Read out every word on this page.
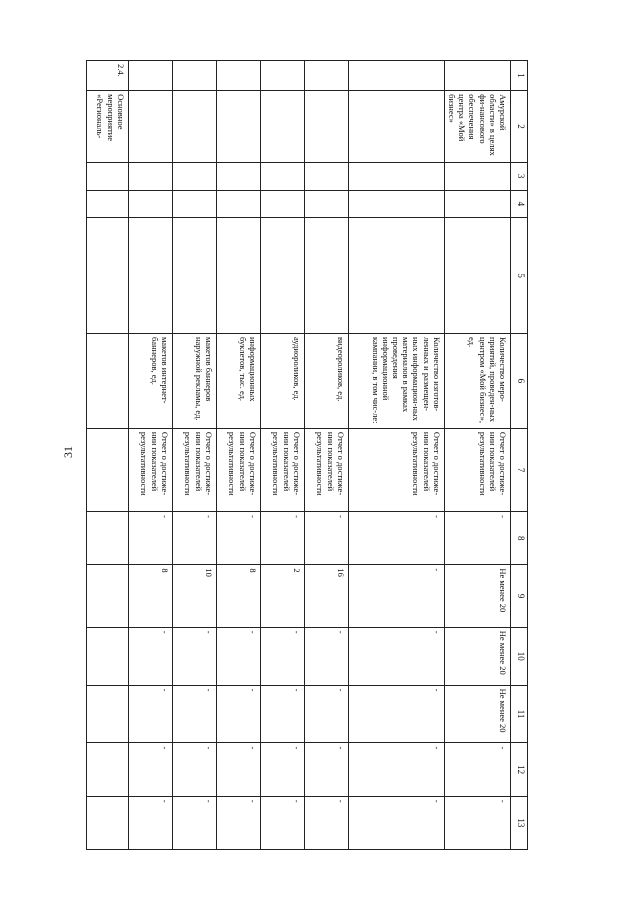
31
1	2	3	4	5	6	7	8	9	10	11	12	13
	Амурской области» в целях фи-нансового обеспечения центра «Мой бизнес»				Количество меро-приятий, проведен-ных центром «Мой бизнес», ед.	Отчет о достиже-нии показателей результативности	-	Не менее 20	Не менее 20	Не менее 20	-	-
					Количество изготов-ленных и размещен-ных информацион-ных материалов в рамках проведения информационной кампании, в том чис-ле:	Отчет о достиже-нии показателей результативности	-	-	-	-	-	-
					видеороликов, ед.	Отчет о достиже-нии показателей результативности	-	16	-	-	-	-
					аудиороликов, ед.	Отчет о достиже-нии показателей результативности	-	2	-	-	-	-
					информационных буклетов, тыс. ед.	Отчет о достиже-нии показателей результативности	-	8	-	-	-	-
					макетов баннеров наружной рекламы, ед.	Отчет о достиже-нии показателей результативности	-	10	-	-	-	-
					макетов интернет-баннеров, ед.	Отчет о достиже-нии показателей результативности	-	8	-	-	-	-
2.4.	Основное мероприятие «Региональ-											
